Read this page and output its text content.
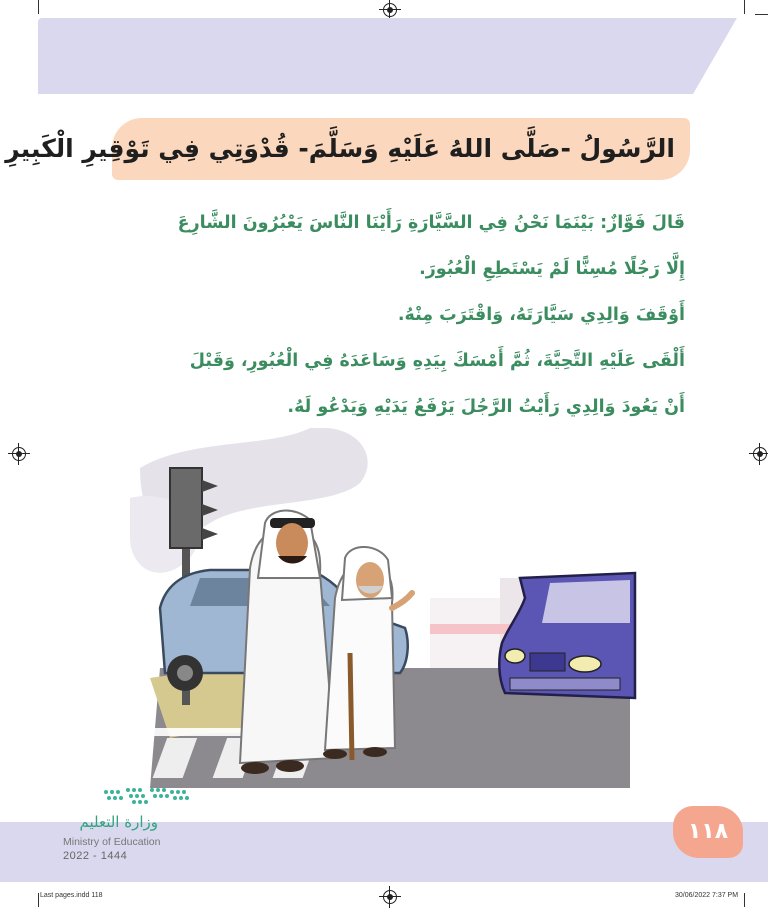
الرَّسُولُ -صَلَّى اللهُ عَلَيْهِ وَسَلَّمَ- قُدْوَتِي فِي تَوْقِيرِ الْكَبِيرِ

قَالَ فَوَّازٌ: بَيْنَمَا نَحْنُ فِي السَّيَّارَةِ رَأَيْنَا النَّاسَ يَعْبُرُونَ الشَّارِعَ

إِلَّا رَجُلًا مُسِنًّا لَمْ يَسْتَطِعِ الْعُبُورَ.

أَوْقَفَ وَالِدِي سَيَّارَتَهُ، وَاقْتَرَبَ مِنْهُ.

أَلْقَى عَلَيْهِ التَّحِيَّةَ، ثُمَّ أَمْسَكَ بِيَدِهِ وَسَاعَدَهُ فِي الْعُبُورِ، وَقَبْلَ

أَنْ يَعُودَ وَالِدِي رَأَيْتُ الرَّجُلَ يَرْفَعُ يَدَيْهِ وَيَدْعُو لَهُ.

وزارة التعليم
Ministry of Education
2022 - 1444
١١٨
Last pages.indd 118	30/06/2022 7:37 PM
